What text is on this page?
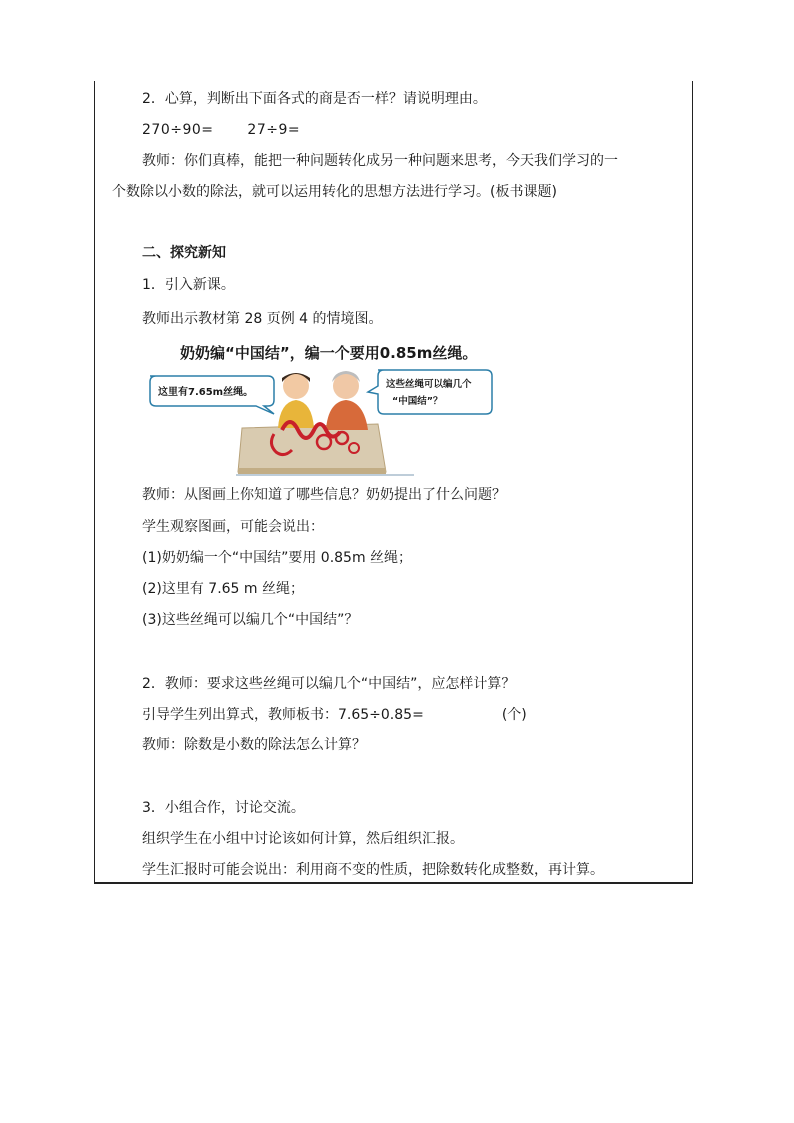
2．心算，判断出下面各式的商是否一样？请说明理由。
270÷90= 27÷9=
教师：你们真棒，能把一种问题转化成另一种问题来思考，今天我们学习的一
个数除以小数的除法，就可以运用转化的思想方法进行学习。(板书课题)
二、探究新知
1．引入新课。
教师出示教材第 28 页例 4 的情境图。
奶奶编“中国结”，编一个要用0.85m丝绳。
这里有7.65m丝绳。
这些丝绳可以编几个
“中国结”？
教师：从图画上你知道了哪些信息？奶奶提出了什么问题？
学生观察图画，可能会说出：
(1)奶奶编一个“中国结”要用 0.85m 丝绳；
(2)这里有 7.65 m 丝绳；
(3)这些丝绳可以编几个“中国结”？
2．教师：要求这些丝绳可以编几个“中国结”，应怎样计算？
引导学生列出算式，教师板书：7.65÷0.85=	(个)
教师：除数是小数的除法怎么计算？
3．小组合作，讨论交流。
组织学生在小组中讨论该如何计算，然后组织汇报。
学生汇报时可能会说出：利用商不变的性质，把除数转化成整数，再计算。
